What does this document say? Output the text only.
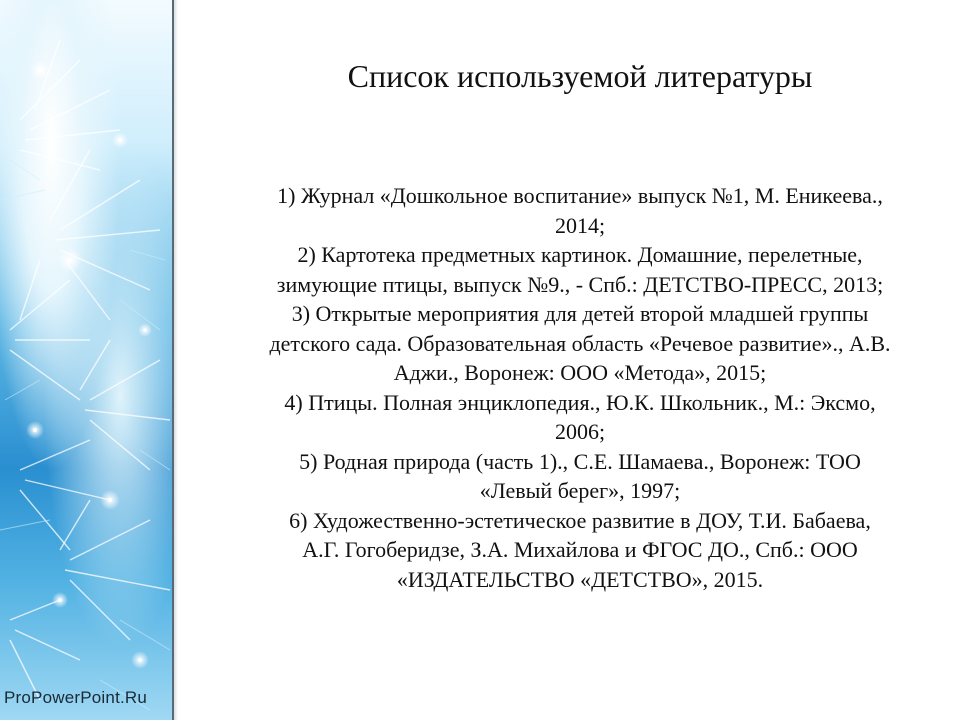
ProPowerPoint.Ru
Список используемой литературы
1) Журнал «Дошкольное воспитание» выпуск №1, М. Еникеева.,
2014;
2) Картотека предметных картинок. Домашние, перелетные,
зимующие птицы, выпуск №9., - Спб.: ДЕТСТВО-ПРЕСС, 2013;
3) Открытые мероприятия для детей второй младшей группы
детского сада. Образовательная область «Речевое развитие»., А.В.
Аджи., Воронеж: ООО «Метода», 2015;
4) Птицы. Полная энциклопедия., Ю.К. Школьник., М.: Эксмо,
2006;
5) Родная природа (часть 1)., С.Е. Шамаева., Воронеж: ТОО
«Левый берег», 1997;
6) Художественно-эстетическое развитие в ДОУ, Т.И. Бабаева,
А.Г. Гогоберидзе, З.А. Михайлова и ФГОС ДО., Спб.: ООО
«ИЗДАТЕЛЬСТВО «ДЕТСТВО», 2015.
